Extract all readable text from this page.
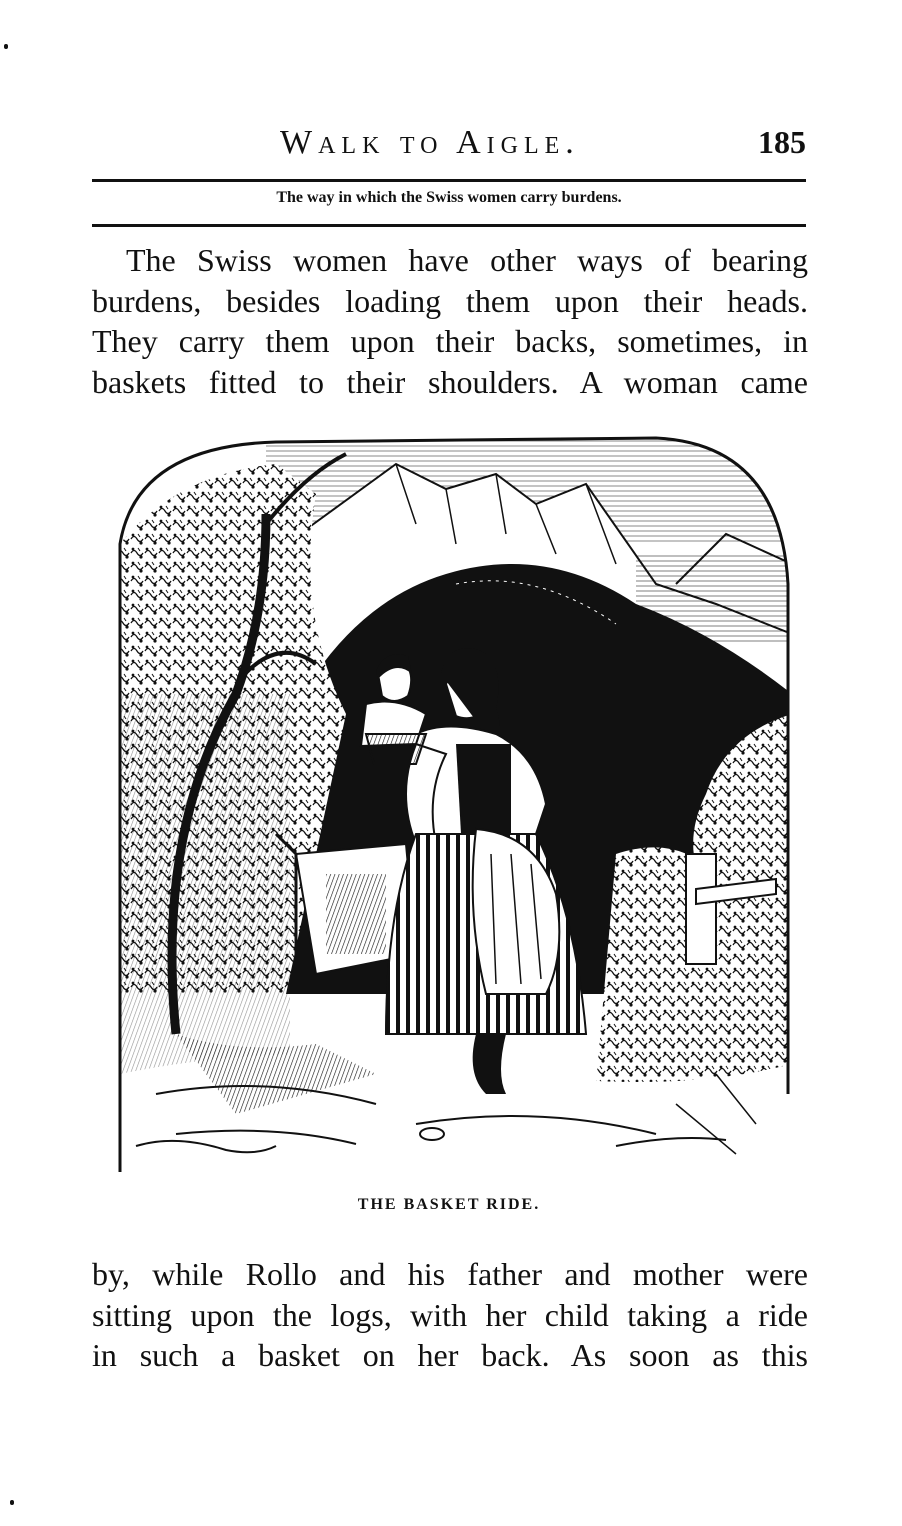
Walk to Aigle.	185
The way in which the Swiss women carry burdens.
The Swiss women have other ways of bearing
burdens, besides loading them upon their heads.
They carry them upon their backs, sometimes, in
baskets fitted to their shoulders. A woman came
THE BASKET RIDE.
by, while Rollo and his father and mother were
sitting upon the logs, with her child taking a ride
in such a basket on her back. As soon as this
